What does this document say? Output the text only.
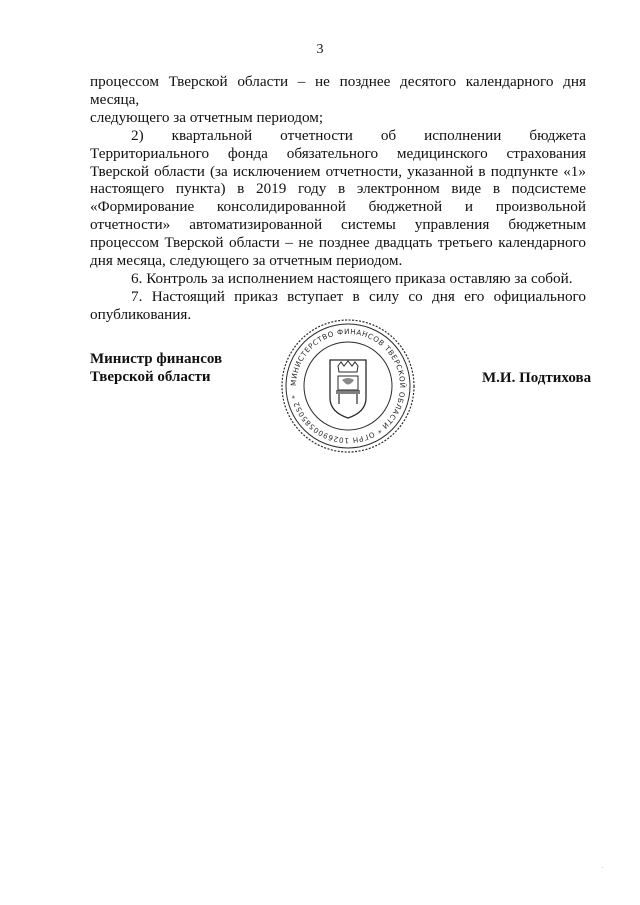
3

процессом Тверской области – не позднее десятого календарного дня месяца,

следующего за отчетным периодом;

2) квартальной отчетности об исполнении бюджета Территориального фонда обязательного медицинского страхования Тверской области (за исключением отчетности, указанной в подпункте «1» настоящего пункта) в 2019 году в электронном виде в подсистеме «Формирование консолидированной бюджетной и произвольной отчетности» автоматизированной системы управления бюджетным процессом Тверской области – не позднее двадцать третьего календарного дня месяца, следующего за отчетным периодом.

6. Контроль за исполнением настоящего приказа оставляю за собой.

7. Настоящий приказ вступает в силу со дня его официального опубликования.

Министр финансов
Тверской области	МИНИСТЕРСТВО ФИНАНСОВ ТВЕРСКОЙ ОБЛАСТИ * ОГРН 1026900585052 *
М.И. Подтихова
